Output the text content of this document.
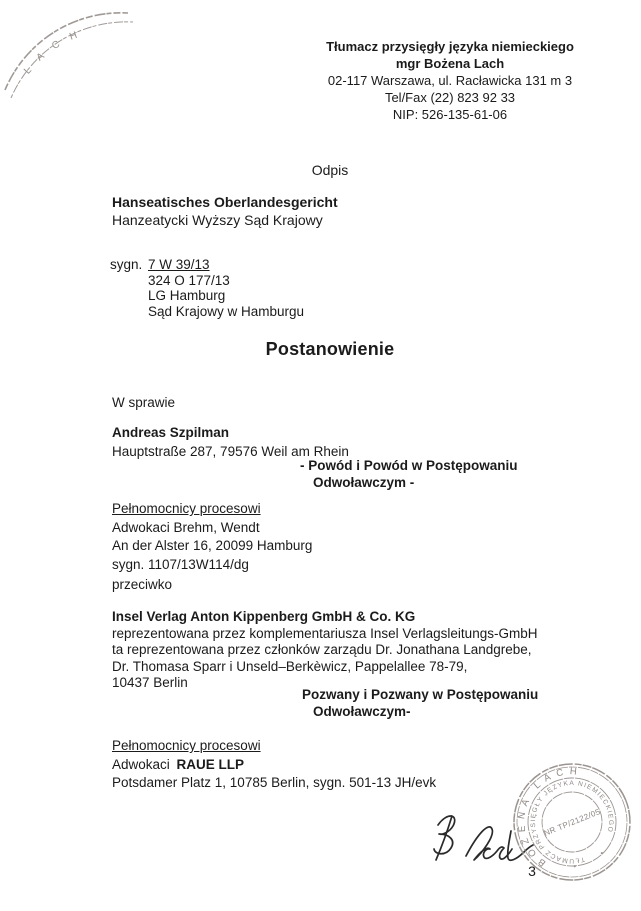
LACH
Tłumacz przysięgły języka niemieckiego
mgr Bożena Lach
02-117 Warszawa, ul. Racławicka 131 m 3
Tel/Fax (22) 823 92 33
NIP: 526-135-61-06
Odpis
Hanseatisches Oberlandesgericht
Hanzeatycki Wyższy Sąd Krajowy
sygn. 7 W 39/13
324 O 177/13
LG Hamburg
Sąd Krajowy w Hamburgu
Postanowienie
W sprawie
Andreas Szpilman
Hauptstraße 287, 79576 Weil am Rhein
- Powód i Powód w Postępowaniu
Odwoławczym -
Pełnomocnicy procesowi
Adwokaci Brehm, Wendt
An der Alster 16, 20099 Hamburg
sygn. 1107/13W114/dg
przeciwko
Insel Verlag Anton Kippenberg GmbH & Co. KG
reprezentowana przez komplementariusza Insel Verlagsleitungs-GmbH
ta reprezentowana przez członków zarządu Dr. Jonathana Landgrebe,
Dr. Thomasa Sparr i Unseld–Berkèwicz, Pappelallee 78-79,
10437 Berlin
Pozwany i Pozwany w Postępowaniu
Odwoławczym-
Pełnomocnicy procesowi
Adwokaci RAUE LLP
Potsdamer Platz 1, 10785 Berlin, sygn. 501-13 JH/evk
BOŻENA LACH
TŁUMACZ PRZYSIĘGŁY JĘZYKA NIEMIECKIEGO
NR TP/2122/05
3
